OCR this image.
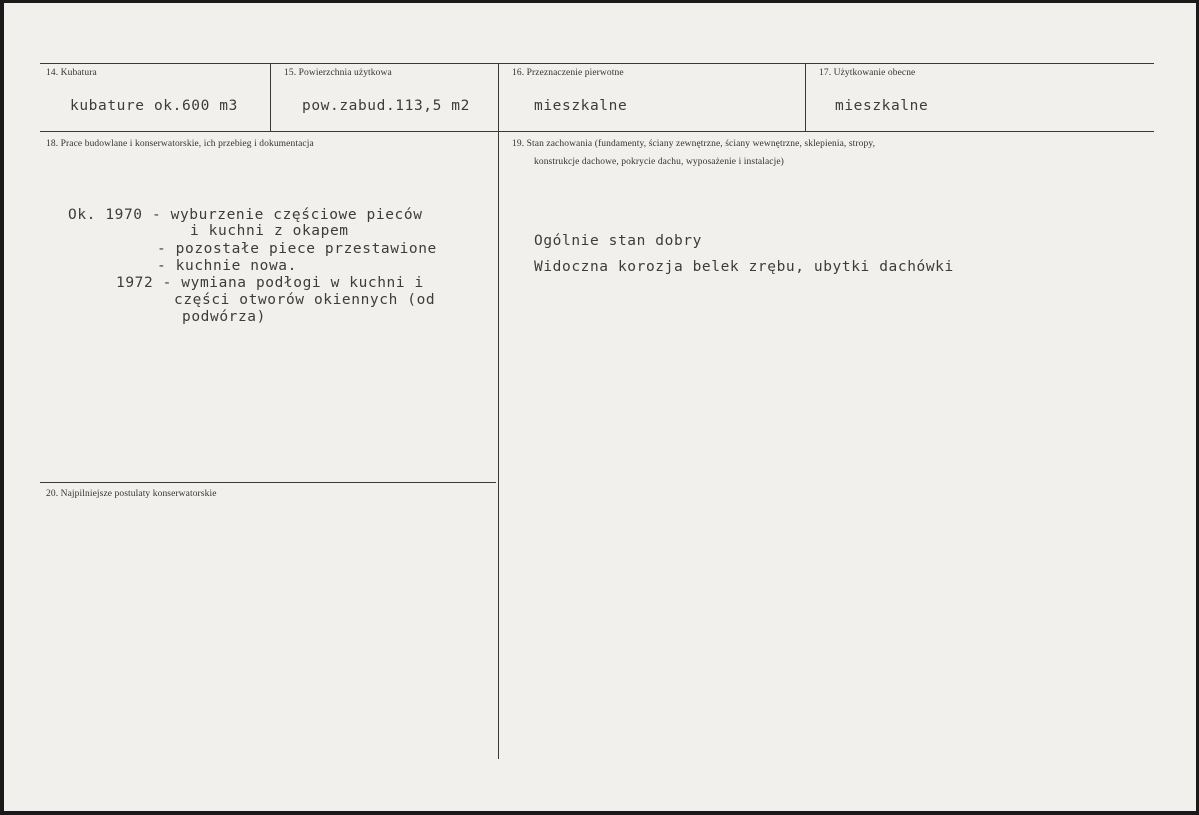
14. Kubatura
kubature ok.600 m3
15. Powierzchnia użytkowa
pow.zabud.113,5 m2
16. Przeznaczenie pierwotne
mieszkalne
17. Użytkowanie obecne
mieszkalne
18. Prace budowlane i konserwatorskie, ich przebieg i dokumentacja
Ok. 1970 - wyburzenie częściowe pieców
i kuchni z okapem
- pozostałe piece przestawione
- kuchnie nowa.
1972 - wymiana podłogi w kuchni i
części otworów okiennych (od
podwórza)
19. Stan zachowania (fundamenty, ściany zewnętrzne, ściany wewnętrzne, sklepienia, stropy,
konstrukcje dachowe, pokrycie dachu, wyposażenie i instalacje)
Ogólnie stan dobry
Widoczna korozja belek zrębu, ubytki dachówki
20. Najpilniejsze postulaty konserwatorskie
